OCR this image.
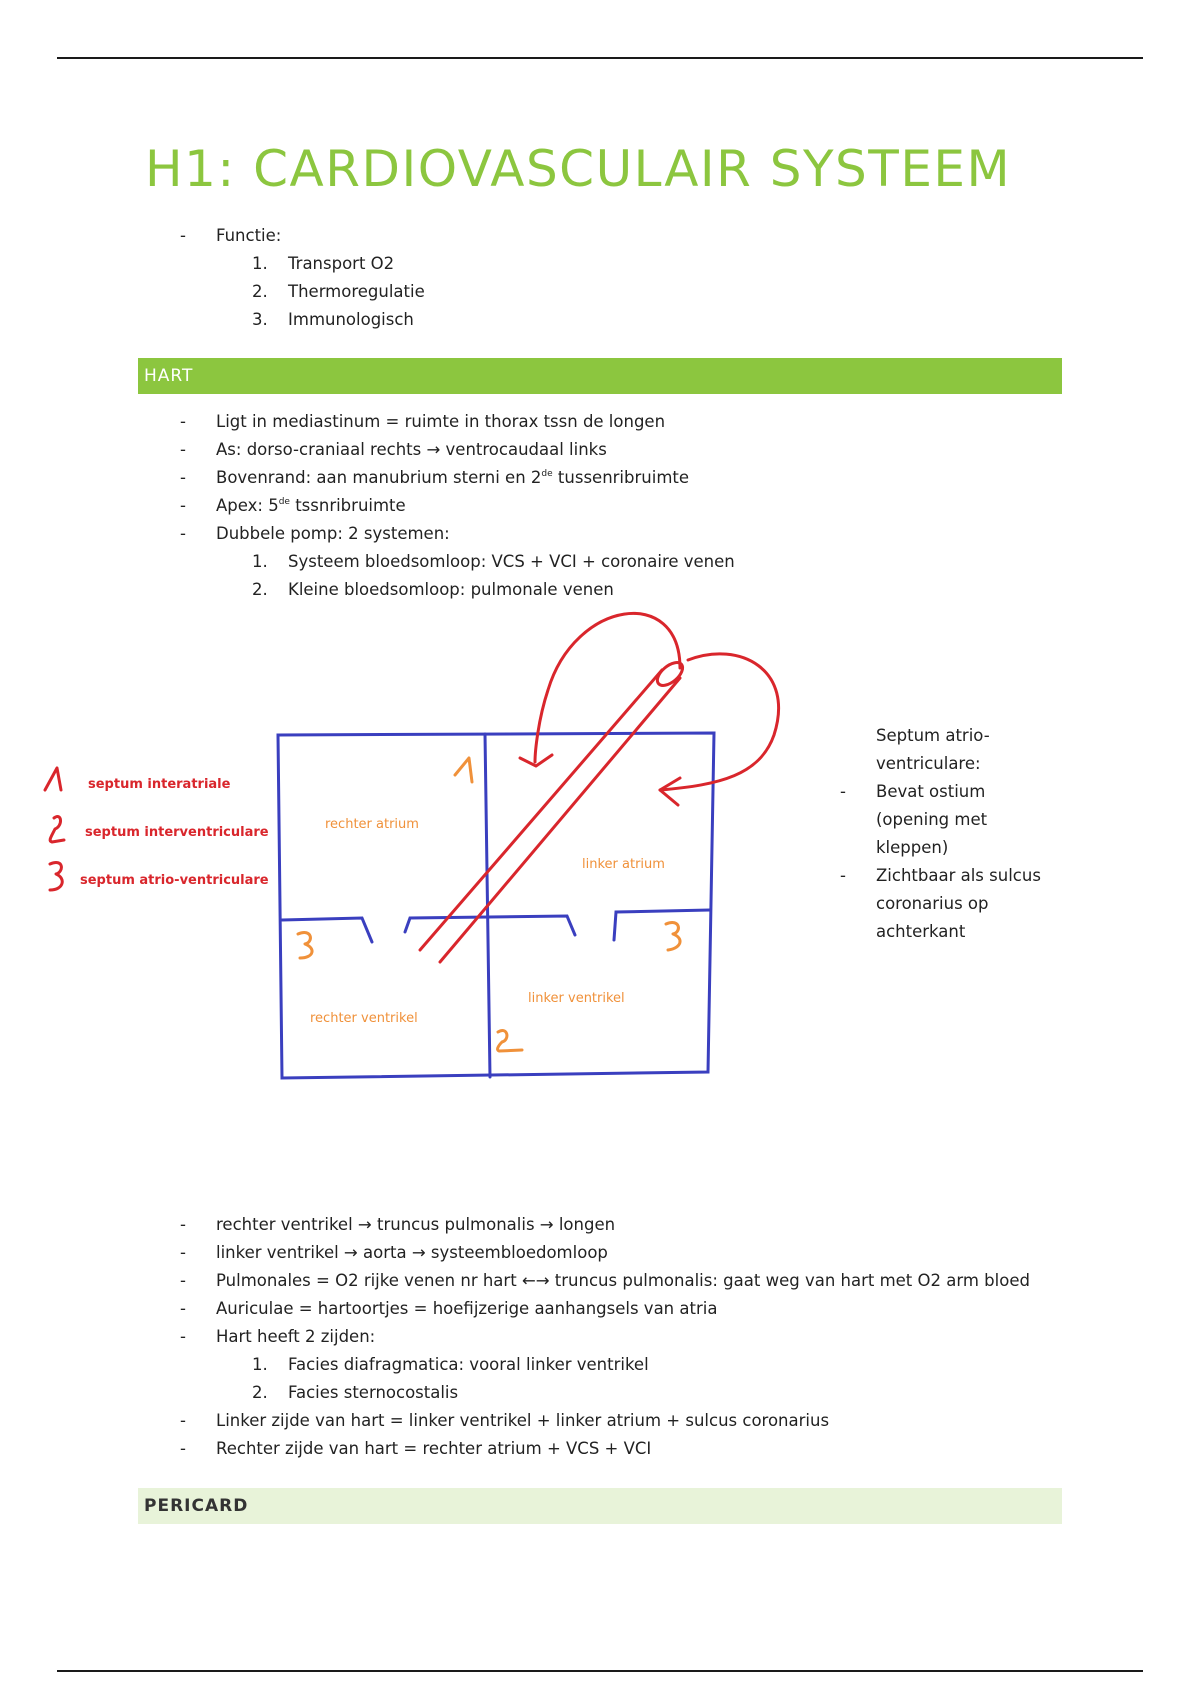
H1: CARDIOVASCULAIR SYSTEEM
- Functie:
1. Transport O2
2. Thermoregulatie
3. Immunologisch
HART
- Ligt in mediastinum = ruimte in thorax tssn de longen
- As: dorso-craniaal rechts → ventrocaudaal links
- Bovenrand: aan manubrium sterni en 2de tussenribruimte
- Apex: 5de tssnribruimte
- Dubbele pomp: 2 systemen:
1. Systeem bloedsomloop: VCS + VCI + coronaire venen
2. Kleine bloedsomloop: pulmonale venen
septum interatriale
septum interventriculare
septum atrio-ventriculare
rechter atrium
linker atrium
rechter ventrikel
linker ventrikel
Septum atrio-
ventriculare:
- Bevat ostium
(opening met
kleppen)
- Zichtbaar als sulcus
coronarius op
achterkant
- rechter ventrikel → truncus pulmonalis → longen
- linker ventrikel → aorta → systeembloedomloop
- Pulmonales = O2 rijke venen nr hart ←→ truncus pulmonalis: gaat weg van hart met O2 arm bloed
- Auriculae = hartoortjes = hoefijzerige aanhangsels van atria
- Hart heeft 2 zijden:
1. Facies diafragmatica: vooral linker ventrikel
2. Facies sternocostalis
- Linker zijde van hart = linker ventrikel + linker atrium + sulcus coronarius
- Rechter zijde van hart = rechter atrium + VCS + VCI
PERICARD
